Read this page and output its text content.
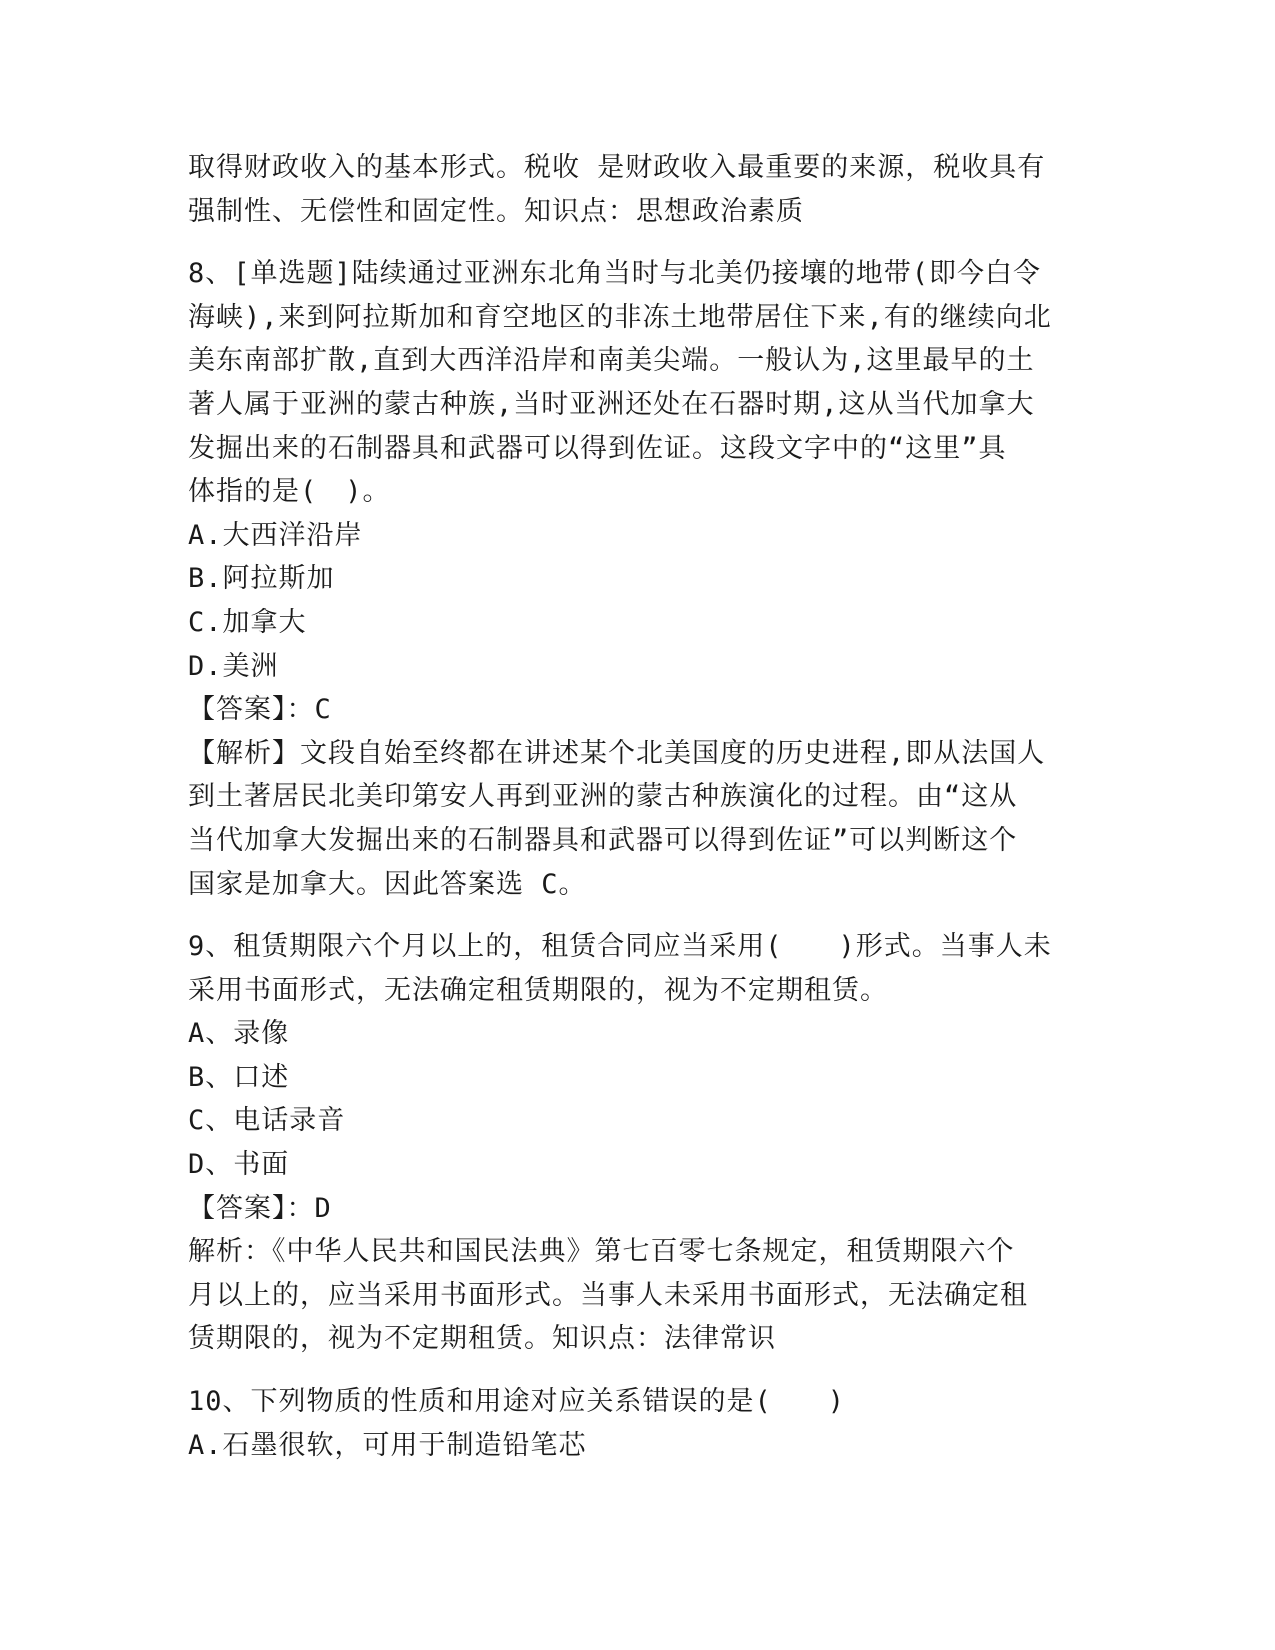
取得财政收入的基本形式。税收 是财政收入最重要的来源，税收具有
强制性、无偿性和固定性。知识点：思想政治素质
8、[单选题]陆续通过亚洲东北角当时与北美仍接壤的地带(即今白令
海峡),来到阿拉斯加和育空地区的非冻土地带居住下来,有的继续向北
美东南部扩散,直到大西洋沿岸和南美尖端。一般认为,这里最早的土
著人属于亚洲的蒙古种族,当时亚洲还处在石器时期,这从当代加拿大
发掘出来的石制器具和武器可以得到佐证。这段文字中的“这里”具
体指的是(　)。
A.大西洋沿岸
B.阿拉斯加
C.加拿大
D.美洲
【答案】：C
【解析】文段自始至终都在讲述某个北美国度的历史进程,即从法国人
到土著居民北美印第安人再到亚洲的蒙古种族演化的过程。由“这从
当代加拿大发掘出来的石制器具和武器可以得到佐证”可以判断这个
国家是加拿大。因此答案选 C。
9、租赁期限六个月以上的，租赁合同应当采用(　　)形式。当事人未
采用书面形式，无法确定租赁期限的，视为不定期租赁。
A、录像
B、口述
C、电话录音
D、书面
【答案】：D
解析：《中华人民共和国民法典》第七百零七条规定，租赁期限六个
月以上的，应当采用书面形式。当事人未采用书面形式，无法确定租
赁期限的，视为不定期租赁。知识点：法律常识
10、下列物质的性质和用途对应关系错误的是(　　)
A.石墨很软，可用于制造铅笔芯
